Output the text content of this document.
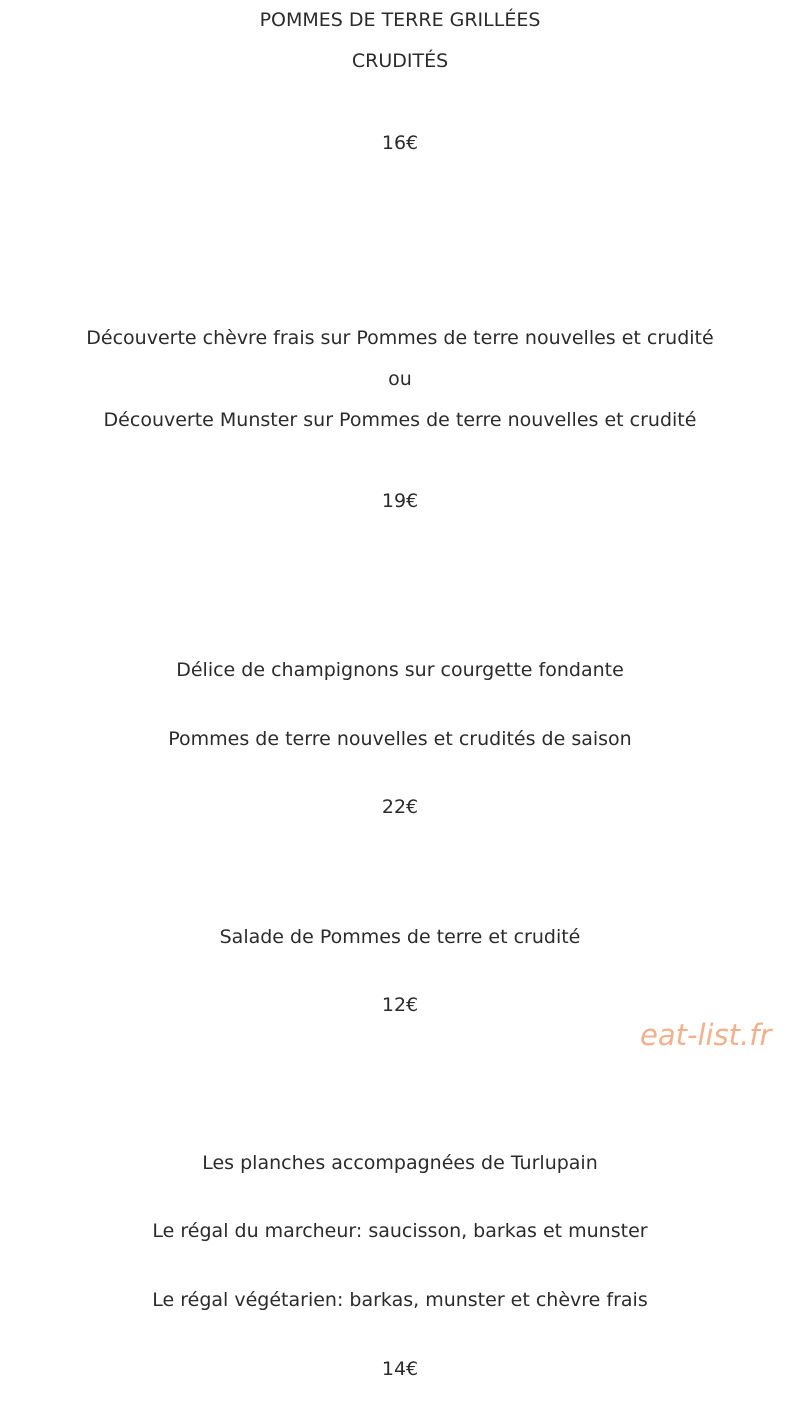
POMMES DE TERRE GRILLÉES
CRUDITÉS
16€
Découverte chèvre frais sur Pommes de terre nouvelles et crudité
ou
Découverte Munster sur Pommes de terre nouvelles et crudité
19€
Délice de champignons sur courgette fondante
Pommes de terre nouvelles et crudités de saison
22€
Salade de Pommes de terre et crudité
12€
Les planches accompagnées de Turlupain
Le régal du marcheur: saucisson, barkas et munster
Le régal végétarien: barkas, munster et chèvre frais
14€
eat-list.fr
